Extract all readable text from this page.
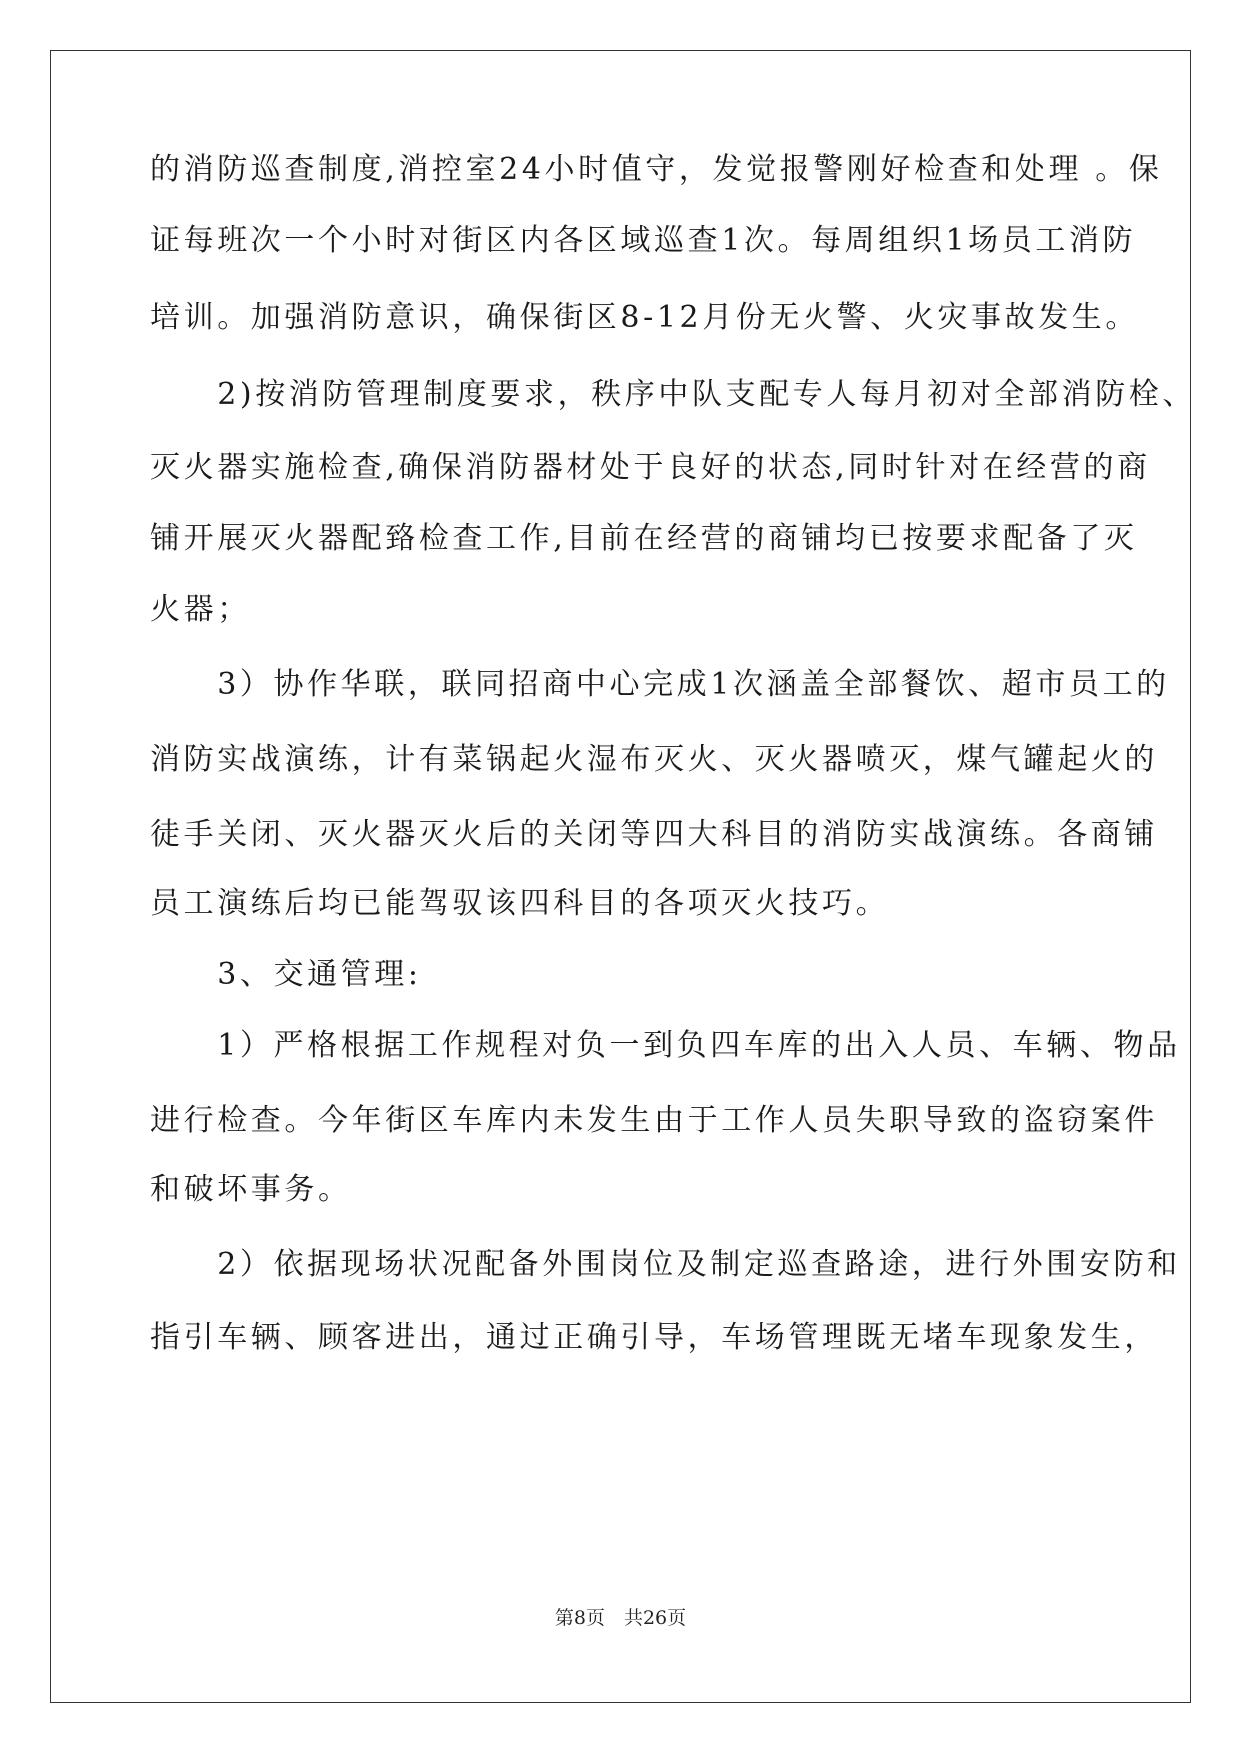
的消防巡查制度,消控室24小时值守，发觉报警刚好检查和处理 。保
证每班次一个小时对街区内各区域巡查1次。每周组织1场员工消防
培训。加强消防意识，确保街区8-12月份无火警、火灾事故发生。
　　2)按消防管理制度要求，秩序中队支配专人每月初对全部消防栓、
灭火器实施检查,确保消防器材处于良好的状态,同时针对在经营的商
铺开展灭火器配臵检查工作,目前在经营的商铺均已按要求配备了灭
火器；
　　3）协作华联，联同招商中心完成1次涵盖全部餐饮、超市员工的
消防实战演练，计有菜锅起火湿布灭火、灭火器喷灭，煤气罐起火的
徒手关闭、灭火器灭火后的关闭等四大科目的消防实战演练。各商铺
员工演练后均已能驾驭该四科目的各项灭火技巧。
　　3、交通管理:
　　1）严格根据工作规程对负一到负四车库的出入人员、车辆、物品
进行检查。今年街区车库内未发生由于工作人员失职导致的盗窃案件
和破坏事务。
　　2）依据现场状况配备外围岗位及制定巡查路途，进行外围安防和
指引车辆、顾客进出，通过正确引导，车场管理既无堵车现象发生，
第8页　共26页
